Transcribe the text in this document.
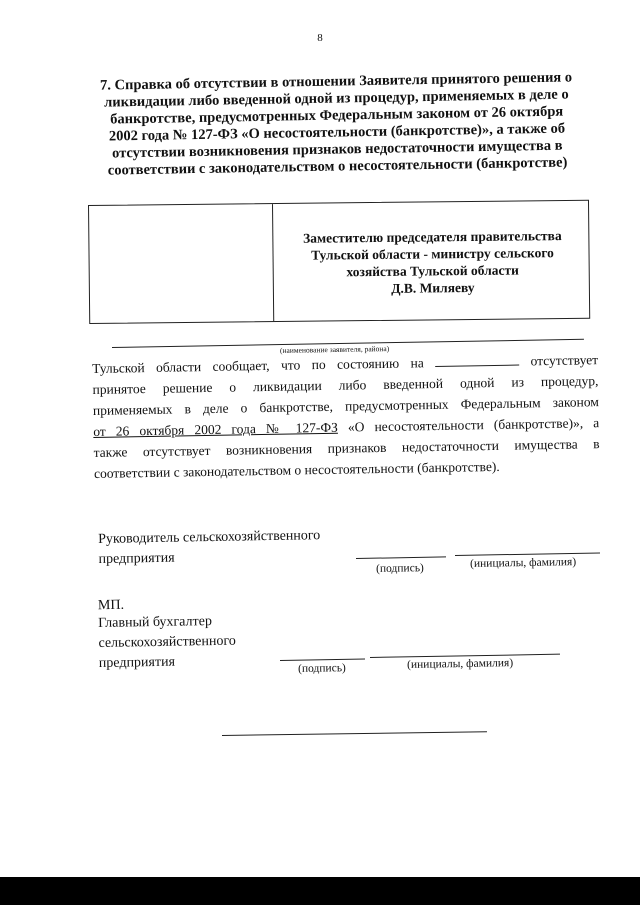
8
7. Справка об отсутствии в отношении Заявителя принятого решения о
ликвидации либо введенной одной из процедур, применяемых в деле о
банкротстве, предусмотренных Федеральным законом от 26 октября
2002 года № 127-ФЗ «О несостоятельности (банкротстве)», а также об
отсутствии возникновения признаков недостаточности имущества в
соответствии с законодательством о несостоятельности (банкротстве)
Заместителю председателя правительства
Тульской области - министру сельского
хозяйства Тульской области
Д.В. Миляеву
(наименование заявителя, района)
Тульской области сообщает, что по состоянию на	отсутствует
принятое решение о ликвидации либо введенной одной из процедур,
применяемых в деле о банкротстве, предусмотренных Федеральным законом
от 26 октября 2002 года № 127-ФЗ «О несостоятельности (банкротстве)», а
также отсутствует возникновения признаков недостаточности имущества в
соответствии с законодательством о несостоятельности (банкротстве).
Руководитель сельскохозяйственного
предприятия
(подпись)	(инициалы, фамилия)
МП.
Главный бухгалтер
сельскохозяйственного
предприятия	(подпись)	(инициалы, фамилия)
